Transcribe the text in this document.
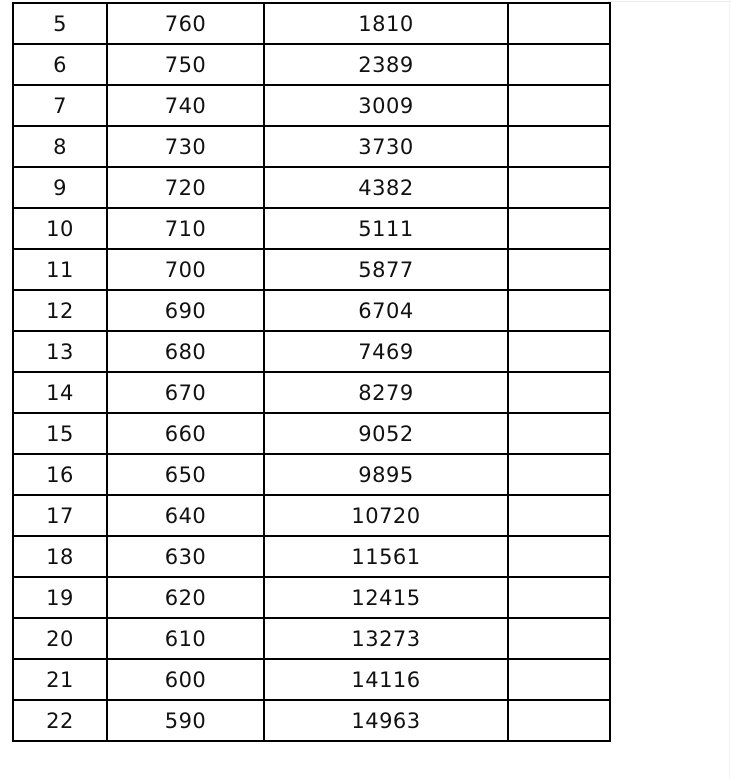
5	760	1810	
6	750	2389	
7	740	3009	
8	730	3730	
9	720	4382	
10	710	5111	
11	700	5877	
12	690	6704	
13	680	7469	
14	670	8279	
15	660	9052	
16	650	9895	
17	640	10720	
18	630	11561	
19	620	12415	
20	610	13273	
21	600	14116	
22	590	14963	
